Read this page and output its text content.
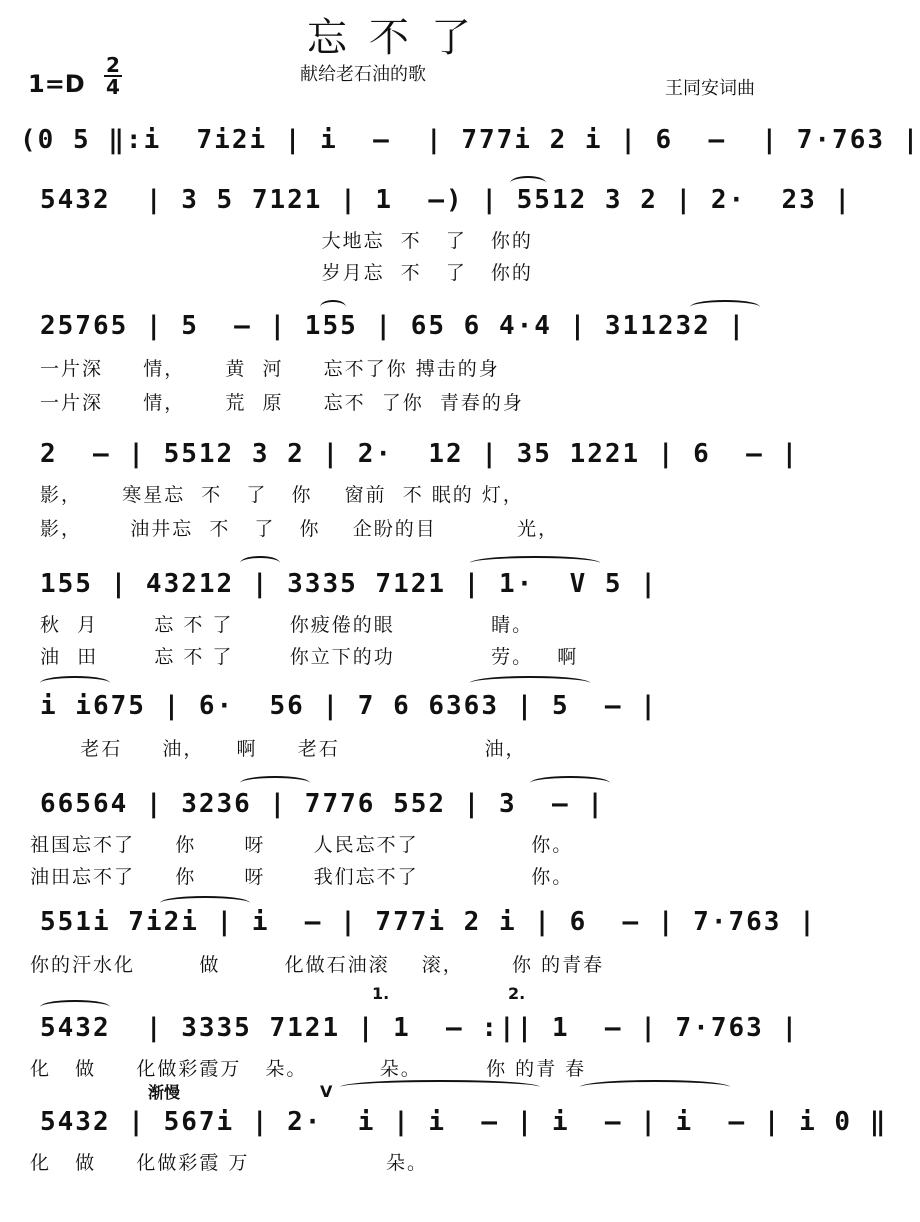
忘不了
献给老石油的歌
1=D
2
4	王同安词曲
(0 5 ‖:i  7i2i | i  –  | 777i 2 i | 6  –  | 7·763 |
5432  | 3 5 7121 | 1  –) | 5512 3 2 | 2·  23 |
大地忘  不   了   你的
岁月忘  不   了   你的
25765 | 5  – | 155 | 65 6 4·4 | 311232 |
一片深     情，     黄  河     忘不了你 搏击的身
一片深     情，     荒  原     忘不  了你  青春的身
2  – | 5512 3 2 | 2·  12 | 35 1221 | 6  – |
影，     寒星忘  不   了   你    窗前  不 眠的 灯，
影，      油井忘  不   了   你    企盼的目          光，
155 | 43212 | 3335 7121 | 1·  V 5 |
秋  月       忘 不 了       你疲倦的眼            睛。
油  田       忘 不 了       你立下的功            劳。   啊
i i675 | 6·  56 | 7 6 6363 | 5  – |
老石     油，    啊     老石                  油，
66564 | 3236 | 7776 552 | 3  – |
祖国忘不了     你      呀      人民忘不了              你。
油田忘不了     你      呀      我们忘不了              你。
551i 7i2i | i  – | 777i 2 i | 6  – | 7·763 |
你的汗水化        做        化做石油滚    滚，      你 的青春
5432  | 3335 7121 | 1  – :|| 1  – | 7·763 |
化   做     化做彩霞万   朵。         朵。        你 的青 春
5432 | 567i | 2·  i | i  – | i  – | i  – | i 0 ‖
化   做     化做彩霞 万                 朵。
1.	2.
渐慢	V
